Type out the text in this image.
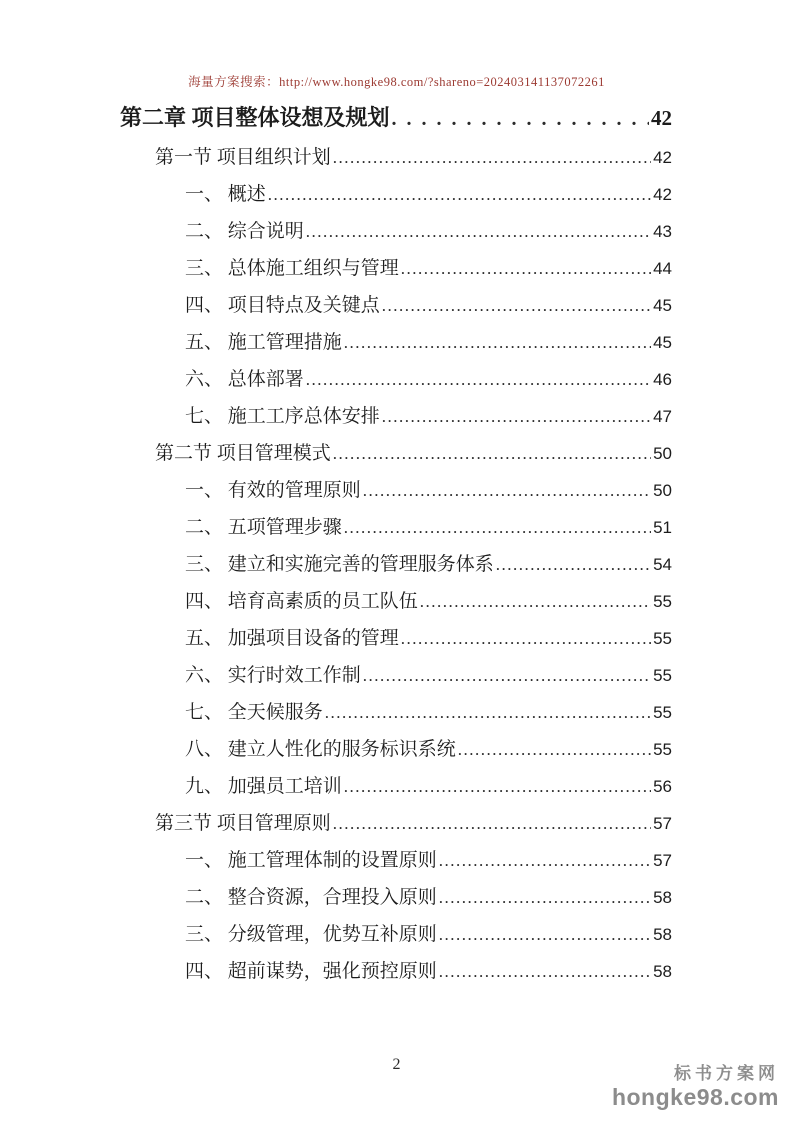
海量方案搜索：http://www.hongke98.com/?shareno=202403141137072261
第二章 项目整体设想及规划 .....	42
第一节 项目组织计划 .....	42
一、 概述 .....	42
二、 综合说明 .....	43
三、 总体施工组织与管理 .....	44
四、 项目特点及关键点 .....	45
五、 施工管理措施 .....	45
六、 总体部署 .....	46
七、 施工工序总体安排 .....	47
第二节 项目管理模式 .....	50
一、 有效的管理原则 .....	50
二、 五项管理步骤 .....	51
三、 建立和实施完善的管理服务体系 .....	54
四、 培育高素质的员工队伍 .....	55
五、 加强项目设备的管理 .....	55
六、 实行时效工作制 .....	55
七、 全天候服务 .....	55
八、 建立人性化的服务标识系统 .....	55
九、 加强员工培训 .....	56
第三节 项目管理原则 .....	57
一、 施工管理体制的设置原则 .....	57
二、 整合资源，合理投入原则 .....	58
三、 分级管理，优势互补原则 .....	58
四、 超前谋势，强化预控原则 .....	58
2	标书方案网
hongke98.com
